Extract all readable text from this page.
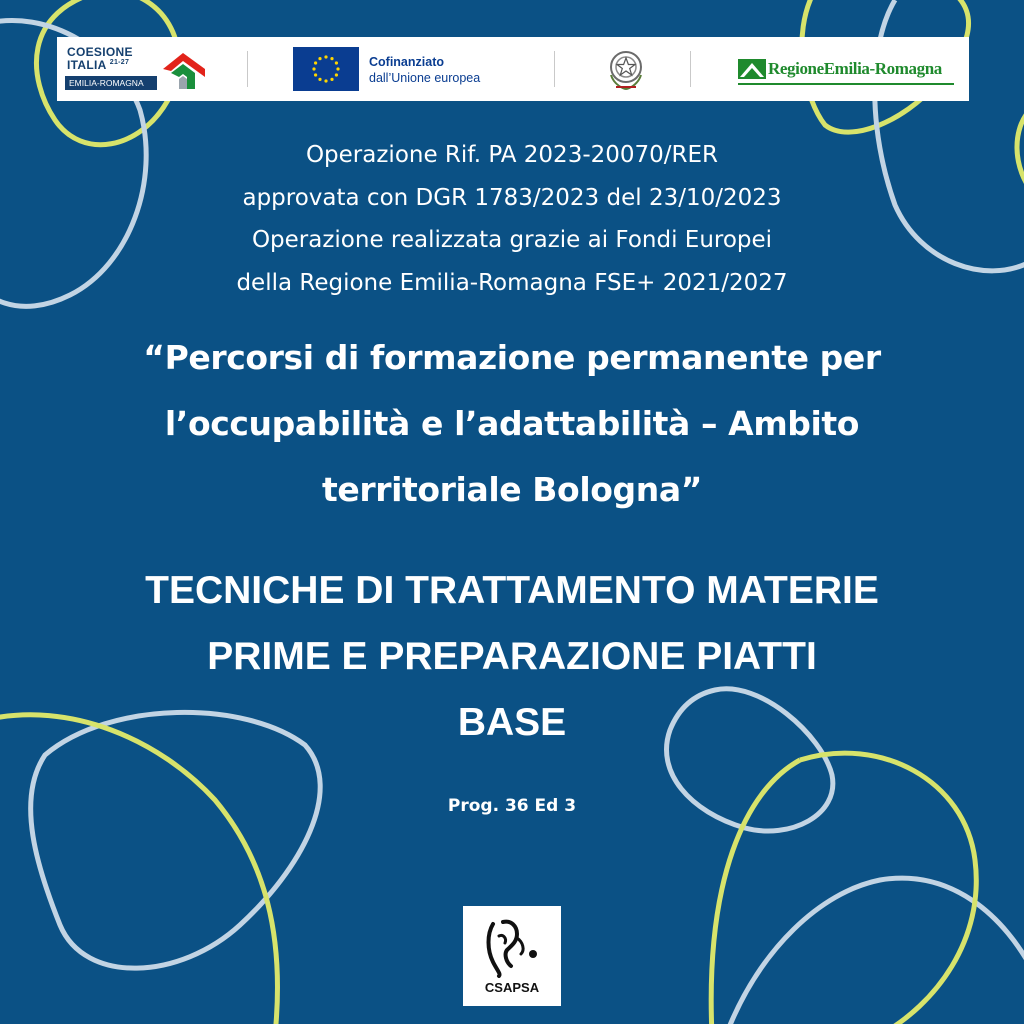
COESIONE
ITALIA $^{21-27}$
EMILIA-ROMAGNA
Cofinanziato
dall’Unione europea	RegioneEmilia-Romagna
Operazione Rif. PA 2023-20070/RER
approvata con DGR 1783/2023 del 23/10/2023
Operazione realizzata grazie ai Fondi Europei
della Regione Emilia-Romagna FSE+ 2021/2027
“Percorsi di formazione permanente per
l’occupabilità e l’adattabilità – Ambito
territoriale Bologna”
TECNICHE DI TRATTAMENTO MATERIE
PRIME E PREPARAZIONE PIATTI
BASE
Prog. 36 Ed 3
CSAPSA
